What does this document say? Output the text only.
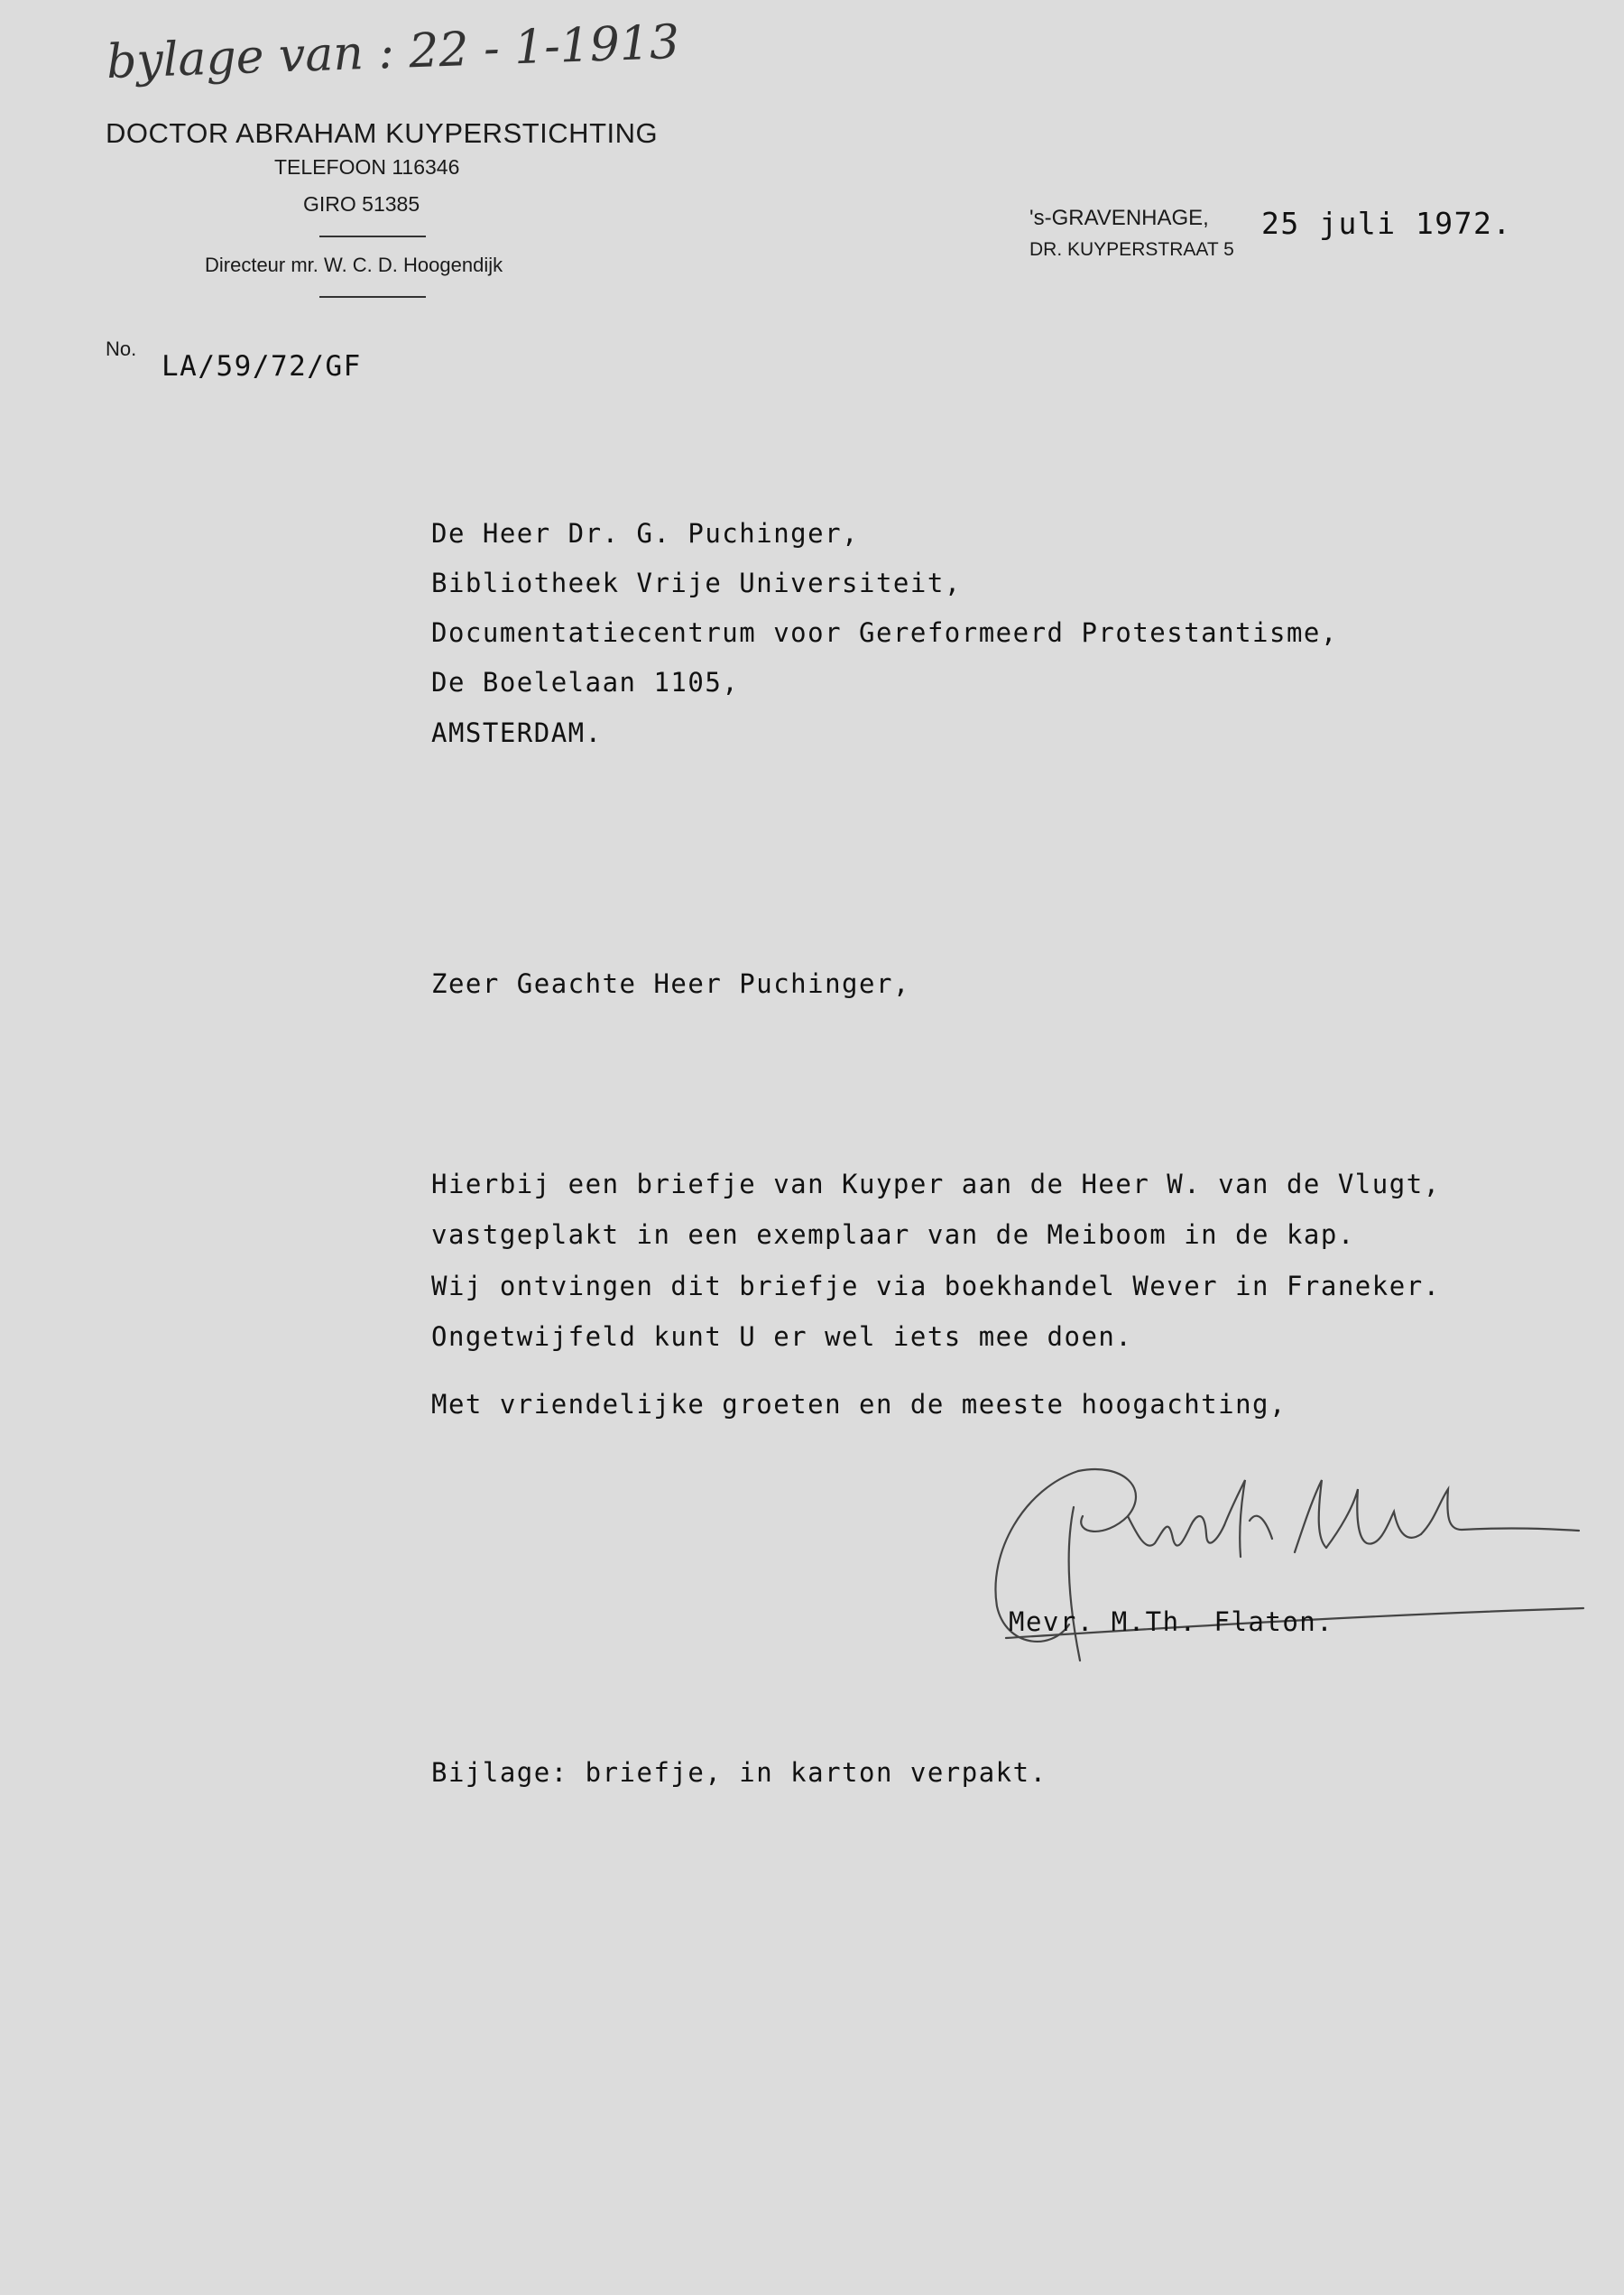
bylage van : 22 - 1-1913
DOCTOR ABRAHAM KUYPERSTICHTING
TELEFOON 116346
GIRO 51385
Directeur mr. W. C. D. Hoogendijk
's-GRAVENHAGE,
DR. KUYPERSTRAAT 5
25 juli 1972.
No.
LA/59/72/GF
De Heer Dr. G. Puchinger,
Bibliotheek Vrije Universiteit,
Documentatiecentrum voor Gereformeerd Protestantisme,
De Boelelaan 1105,
AMSTERDAM.
Zeer Geachte Heer Puchinger,
Hierbij een briefje van Kuyper aan de Heer W. van de Vlugt,
vastgeplakt in een exemplaar van de Meiboom in de kap.
Wij ontvingen dit briefje via boekhandel Wever in Franeker.
Ongetwijfeld kunt U er wel iets mee doen.
Met vriendelijke groeten en de meeste hoogachting,
Mevr. M.Th. Flaton.
Bijlage: briefje, in karton verpakt.
